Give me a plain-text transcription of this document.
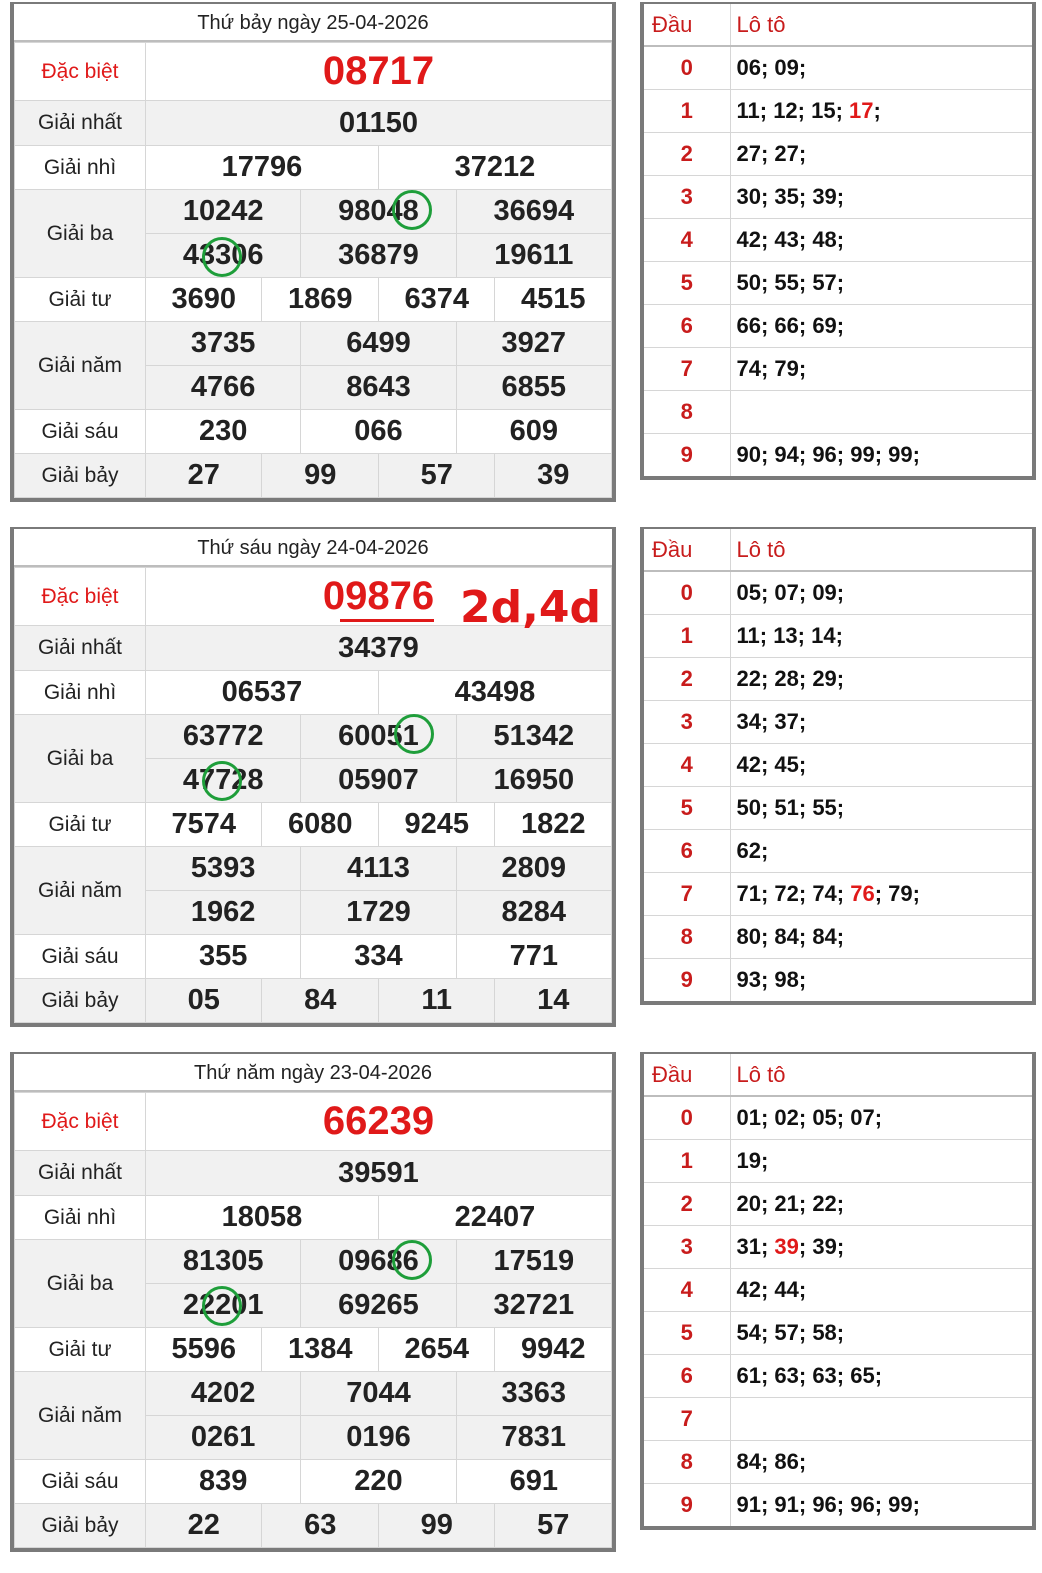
Thứ bảy ngày 25-04-2026
Đặc biệt	08717					
Giải nhất	01150					
Giải nhì	17796			37212		
Giải ba	10242		98048		36694	
	43306		36879		19611	
Giải tư	3690	1869		6374		4515
Giải năm	3735		6499		3927	
	4766		8643		6855	
Giải sáu	230		066		609	
Giải bảy	27	99		57		39
Đầu	Lô tô
0	06; 09;
1	11; 12; 15; 17;
2	27; 27;
3	30; 35; 39;
4	42; 43; 48;
5	50; 55; 57;
6	66; 66; 69;
7	74; 79;
8	
9	90; 94; 96; 99; 99;
Thứ sáu ngày 24-04-2026
Đặc biệt	09876					
Giải nhất	34379					
Giải nhì	06537			43498		
Giải ba	63772		60051		51342	
	47728		05907		16950	
Giải tư	7574	6080		9245		1822
Giải năm	5393		4113		2809	
	1962		1729		8284	
Giải sáu	355		334		771	
Giải bảy	05	84		11		14
Đầu	Lô tô
0	05; 07; 09;
1	11; 13; 14;
2	22; 28; 29;
3	34; 37;
4	42; 45;
5	50; 51; 55;
6	62;
7	71; 72; 74; 76; 79;
8	80; 84; 84;
9	93; 98;
Thứ năm ngày 23-04-2026
Đặc biệt	66239					
Giải nhất	39591					
Giải nhì	18058			22407		
Giải ba	81305		09686		17519	
	22201		69265		32721	
Giải tư	5596	1384		2654		9942
Giải năm	4202		7044		3363	
	0261		0196		7831	
Giải sáu	839		220		691	
Giải bảy	22	63		99		57
Đầu	Lô tô
0	01; 02; 05; 07;
1	19;
2	20; 21; 22;
3	31; 39; 39;
4	42; 44;
5	54; 57; 58;
6	61; 63; 63; 65;
7	
8	84; 86;
9	91; 91; 96; 96; 99;
2d,4d
